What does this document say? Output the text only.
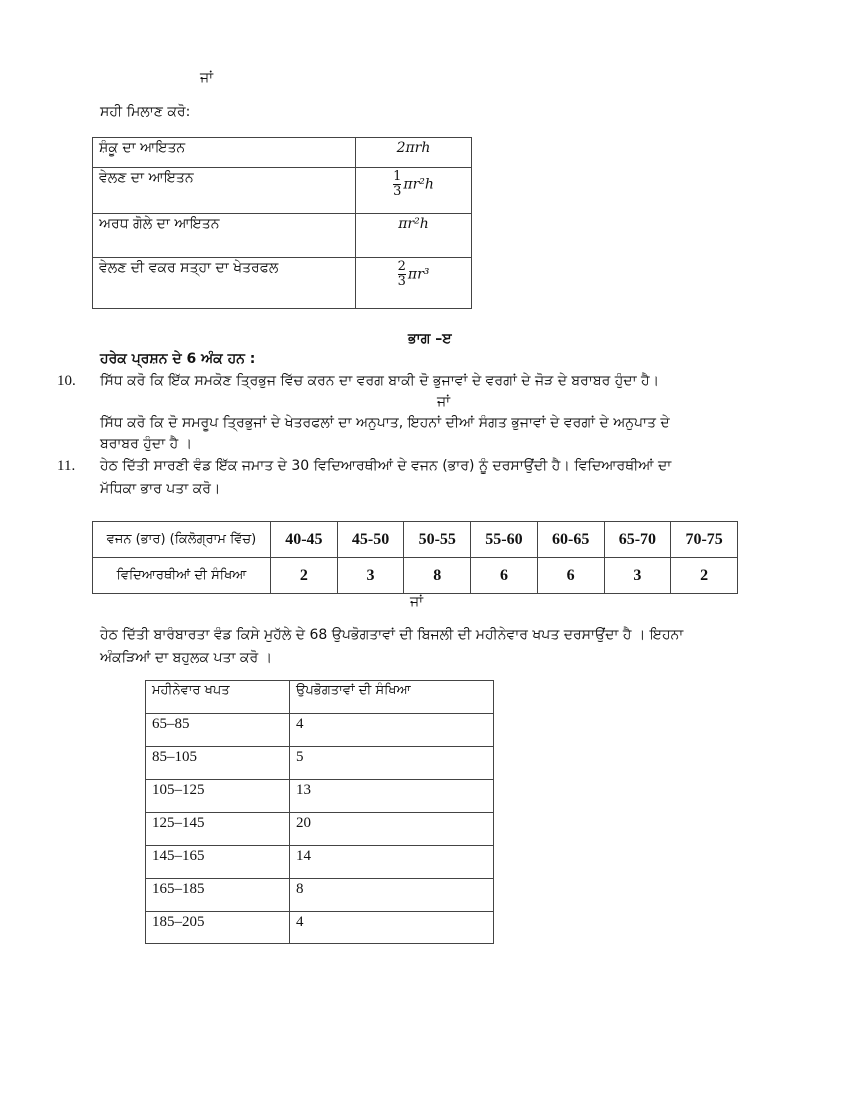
ਜਾਂ
ਸਹੀ ਮਿਲਾਣ ਕਰੋ:
ਸ਼ੰਕੂ ਦਾ ਆਇਤਨ	2πrh
ਵੇਲਣ ਦਾ ਆਇਤਨ	$\frac{1}{3} \pi r^2h$
ਅਰਧ ਗੋਲੇ ਦਾ ਆਇਤਨ	πr²h
ਵੇਲਣ ਦੀ ਵਕਰ ਸਤ੍ਹਾ ਦਾ ਖੇਤਰਫਲ	$\frac{2}{3} \pi r^3$
ਭਾਗ –ੲ
ਹਰੇਕ ਪ੍ਰਸ਼ਨ ਦੇ 6 ਅੰਕ ਹਨ :
10. ਸਿੱਧ ਕਰੋ ਕਿ ਇੱਕ ਸਮਕੋਣ ਤ੍ਰਿਭੁਜ ਵਿੱਚ ਕਰਨ ਦਾ ਵਰਗ ਬਾਕੀ ਦੋ ਭੁਜਾਵਾਂ ਦੇ ਵਰਗਾਂ ਦੇ ਜੋੜ ਦੇ ਬਰਾਬਰ ਹੁੰਦਾ ਹੈ।
ਜਾਂ
ਸਿੱਧ ਕਰੋ ਕਿ ਦੋ ਸਮਰੂਪ ਤ੍ਰਿਭੁਜਾਂ ਦੇ ਖੇਤਰਫਲਾਂ ਦਾ ਅਨੁਪਾਤ, ਇਹਨਾਂ ਦੀਆਂ ਸੰਗਤ ਭੁਜਾਵਾਂ ਦੇ ਵਰਗਾਂ ਦੇ ਅਨੁਪਾਤ ਦੇ
ਬਰਾਬਰ ਹੁੰਦਾ ਹੈ ।
11. ਹੇਠ ਦਿੱਤੀ ਸਾਰਣੀ ਵੰਡ ਇੱਕ ਜਮਾਤ ਦੇ 30 ਵਿਦਿਆਰਥੀਆਂ ਦੇ ਵਜਨ (ਭਾਰ) ਨੂੰ ਦਰਸਾਉਂਦੀ ਹੈ। ਵਿਦਿਆਰਥੀਆਂ ਦਾ
ਮੱਧਿਕਾ ਭਾਰ ਪਤਾ ਕਰੋ।
ਵਜਨ (ਭਾਰ) (ਕਿਲੋਗ੍ਰਾਮ ਵਿੱਚ)	40-45	45-50	50-55	55-60	60-65	65-70	70-75
ਵਿਦਿਆਰਥੀਆਂ ਦੀ ਸੰਖਿਆ	2	3	8	6	6	3	2
ਜਾਂ
ਹੇਠ ਦਿੱਤੀ ਬਾਰੰਬਾਰਤਾ ਵੰਡ ਕਿਸੇ ਮੁਹੱਲੇ ਦੇ 68 ਉਪਭੋਗਤਾਵਾਂ ਦੀ ਬਿਜਲੀ ਦੀ ਮਹੀਨੇਵਾਰ ਖਪਤ ਦਰਸਾਉਂਦਾ ਹੈ । ਇਹਨਾ
ਅੰਕੜਿਆਂ ਦਾ ਬਹੁਲਕ ਪਤਾ ਕਰੋ ।
ਮਹੀਨੇਵਾਰ ਖਪਤ	ਉਪਭੋਗਤਾਵਾਂ ਦੀ ਸੰਖਿਆ
65–85	4
85–105	5
105–125	13
125–145	20
145–165	14
165–185	8
185–205	4
